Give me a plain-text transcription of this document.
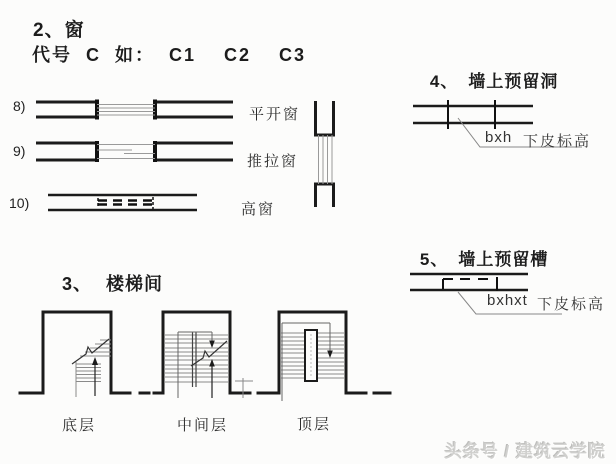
2、窗
代号  C  如：  C1    C2    C3
8)
9)
10)
平开窗
推拉窗
高窗

4、 墙上预留洞

bxh 下皮标高

5、 墙上预留槽

bxhxt 下皮标高

3、 楼梯间

底层	中间层	顶层
头条号 / 建筑云学院
